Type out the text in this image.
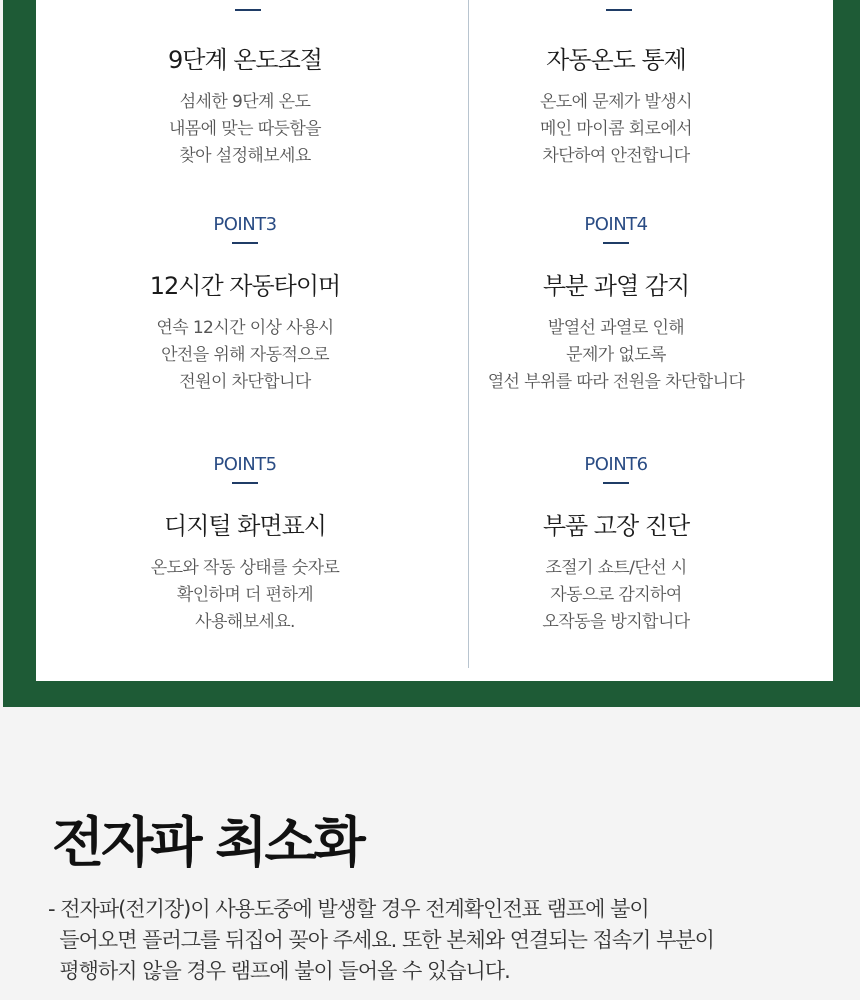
9단계 온도조절
섬세한 9단계 온도
내몸에 맞는 따듯함을
찾아 설정해보세요
자동온도 통제
온도에 문제가 발생시
메인 마이콤 회로에서
차단하여 안전합니다
POINT3
12시간 자동타이머
연속 12시간 이상 사용시
안전을 위해 자동적으로
전원이 차단합니다
POINT4
부분 과열 감지
발열선 과열로 인해
문제가 없도록
열선 부위를 따라 전원을 차단합니다
POINT5
디지털 화면표시
온도와 작동 상태를 숫자로
확인하며 더 편하게
사용해보세요.
POINT6
부품 고장 진단
조절기 쇼트/단선 시
자동으로 감지하여
오작동을 방지합니다
전자파 최소화
- 전자파(전기장)이 사용도중에 발생할 경우 전계확인전표 램프에 불이
들어오면 플러그를 뒤집어 꽂아 주세요. 또한 본체와 연결되는 접속기 부분이
평행하지 않을 경우 램프에 불이 들어올 수 있습니다.
